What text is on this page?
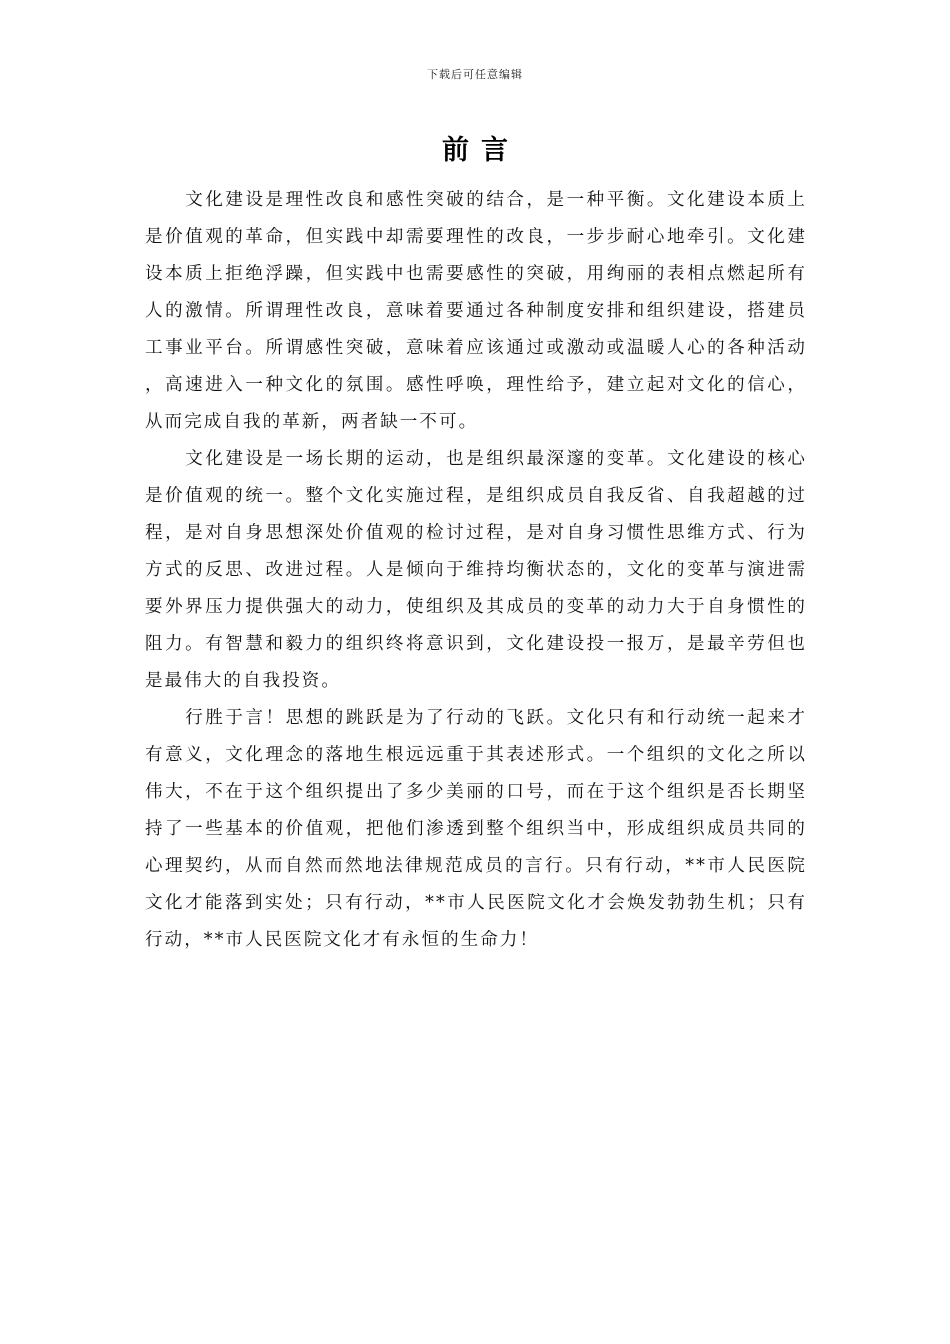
下载后可任意编辑
前言

文化建设是理性改良和感性突破的结合，是一种平衡。文化建设本质上是价值观的革命，但实践中却需要理性的改良，一步步耐心地牵引。文化建设本质上拒绝浮躁，但实践中也需要感性的突破，用绚丽的表相点燃起所有人的激情。所谓理性改良，意味着要通过各种制度安排和组织建设，搭建员工事业平台。所谓感性突破，意味着应该通过或激动或温暖人心的各种活动，高速进入一种文化的氛围。感性呼唤，理性给予，建立起对文化的信心，从而完成自我的革新，两者缺一不可。

文化建设是一场长期的运动，也是组织最深邃的变革。文化建设的核心是价值观的统一。整个文化实施过程，是组织成员自我反省、自我超越的过程，是对自身思想深处价值观的检讨过程，是对自身习惯性思维方式、行为方式的反思、改进过程。人是倾向于维持均衡状态的，文化的变革与演进需要外界压力提供强大的动力，使组织及其成员的变革的动力大于自身惯性的阻力。有智慧和毅力的组织终将意识到，文化建设投一报万，是最辛劳但也是最伟大的自我投资。

行胜于言！思想的跳跃是为了行动的飞跃。文化只有和行动统一起来才有意义，文化理念的落地生根远远重于其表述形式。一个组织的文化之所以伟大，不在于这个组织提出了多少美丽的口号，而在于这个组织是否长期坚持了一些基本的价值观，把他们渗透到整个组织当中，形成组织成员共同的心理契约，从而自然而然地法律规范成员的言行。只有行动，**市人民医院文化才能落到实处；只有行动，**市人民医院文化才会焕发勃勃生机；只有行动，**市人民医院文化才有永恒的生命力！
